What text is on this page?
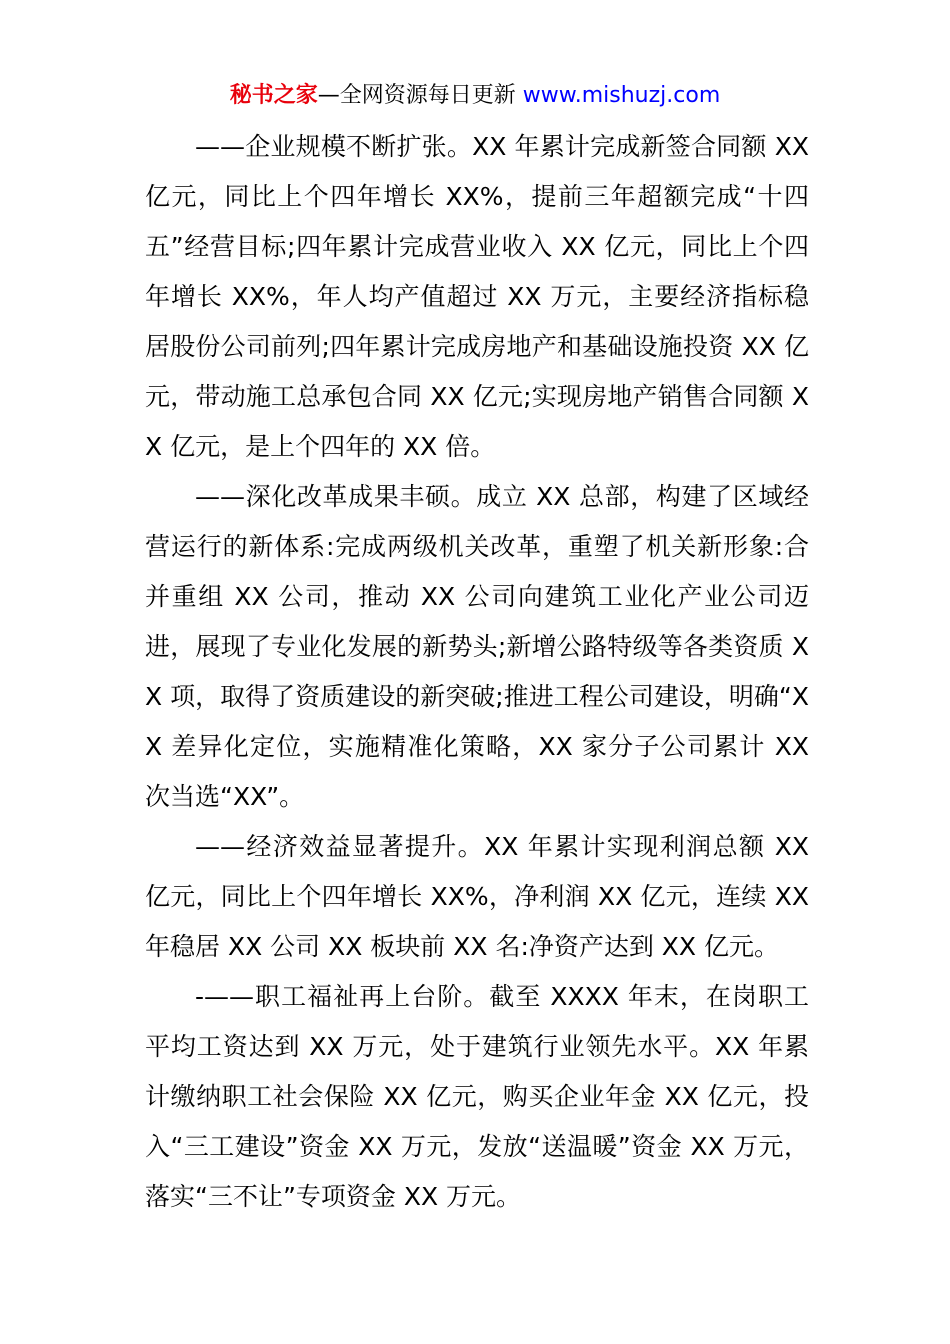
秘书之家—全网资源每日更新 www.mishuzj.com

——企业规模不断扩张。XX 年累计完成新签合同额 XX 亿元，同比上个四年增长 XX%，提前三年超额完成“十四五”经营目标;四年累计完成营业收入 XX 亿元，同比上个四年增长 XX%，年人均产值超过 XX 万元，主要经济指标稳居股份公司前列;四年累计完成房地产和基础设施投资 XX 亿元，带动施工总承包合同 XX 亿元;实现房地产销售合同额 XX 亿元，是上个四年的 XX 倍。

——深化改革成果丰硕。成立 XX 总部，构建了区域经营运行的新体系:完成两级机关改革，重塑了机关新形象:合并重组 XX 公司，推动 XX 公司向建筑工业化产业公司迈进，展现了专业化发展的新势头;新增公路特级等各类资质 XX 项，取得了资质建设的新突破;推进工程公司建设，明确“XX 差异化定位，实施精准化策略，XX 家分子公司累计 XX 次当选“XX”。

——经济效益显著提升。XX 年累计实现利润总额 XX 亿元，同比上个四年增长 XX%，净利润 XX 亿元，连续 XX 年稳居 XX 公司 XX 板块前 XX 名:净资产达到 XX 亿元。

-——职工福祉再上台阶。截至 XXXX 年末，在岗职工平均工资达到 XX 万元，处于建筑行业领先水平。XX 年累计缴纳职工社会保险 XX 亿元，购买企业年金 XX 亿元，投入“三工建设”资金 XX 万元，发放“送温暖”资金 XX 万元，落实“三不让”专项资金 XX 万元。
